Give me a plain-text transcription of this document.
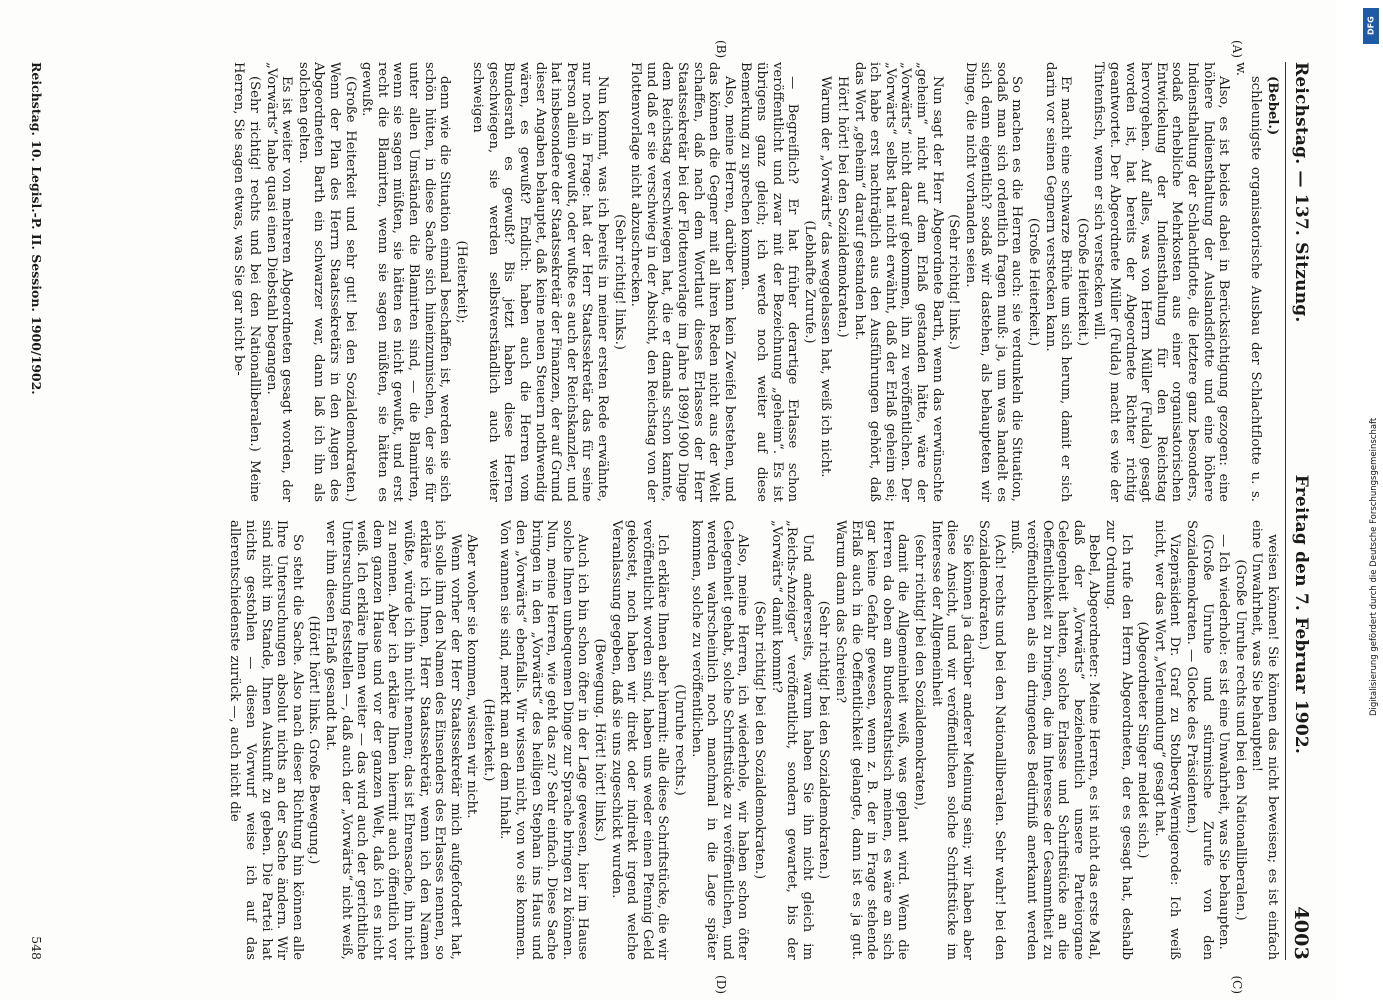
Reichstag. — 137. Sitzung.
Freitag den 7. Februar 1902.
4003
(A)
(B)
(C)
(D)

(Bebel.)

schleunigste organisatorische Ausbau der Schlachtflotte u. s. w.

Also, es ist beides dabei in Berücksichtigung gezogen: eine höhere Indiensthaltung der Auslandsflotte und eine höhere Indiensthaltung der Schlachtflotte, die letztere ganz besonders, sodaß erhebliche Mehrkosten aus einer organisatorischen Entwickelung der Indiensthaltung für den Reichstag hervorgehen. Auf alles, was von Herrn Müller (Fulda) gesagt worden ist, hat bereits der Abgeordnete Richter richtig geantwortet. Der Abgeordnete Müller (Fulda) macht es wie der Tintenfisch, wenn er sich verstecken will.

(Große Heiterkeit.)

Er macht eine schwarze Brühe um sich herum, damit er sich darin vor seinen Gegnern verstecken kann.

(Große Heiterkeit.)

So machen es die Herren auch: sie verdunkeln die Situation, sodaß man sich ordentlich fragen muß: ja, um was handelt es sich denn eigentlich? sodaß wir dastehen, als behaupteten wir Dinge, die nicht vorhanden seien.

(Sehr richtig! links.)

Nun sagt der Herr Abgeordnete Barth, wenn das verwünschte „geheim“ nicht auf dem Erlaß gestanden hätte, wäre der „Vorwärts“ nicht darauf gekommen, ihn zu veröffentlichen. Der „Vorwärts“ selbst hat nicht erwähnt, daß der Erlaß geheim sei; ich habe erst nachträglich aus den Ausführungen gehört, daß das Wort „geheim“ darauf gestanden hat.

Hört! hört! bei den Sozialdemokraten.)

Warum der „Vorwärts“ das weggelassen hat, weiß ich nicht.

(Lebhafte Zurufe.)

— Begreiflich? Er hat früher derartige Erlasse schon veröffentlicht und zwar mit der Bezeichnung „geheim“. Es ist übrigens ganz gleich; ich werde noch weiter auf diese Bemerkung zu sprechen kommen.

Also, meine Herren, darüber kann kein Zweifel bestehen, und das können die Gegner mit all ihren Reden nicht aus der Welt schaffen, daß nach dem Wortlaut dieses Erlasses der Herr Staatssekretär bei der Flottenvorlage im Jahre 1899/1900 Dinge dem Reichstag verschwiegen hat, die er damals schon kannte, und daß er sie verschwieg in der Absicht, den Reichstag von der Flottenvorlage nicht abzuschrecken.

(Sehr richtig! links.)

Nun kommt, was ich bereits in meiner ersten Rede erwähnte, nur noch in Frage: hat der Herr Staatssekretär das für seine Person allein gewußt, oder wußte es auch der Reichskanzler, und hat insbesondere der Staatssekretär der Finanzen, der auf Grund dieser Angaben behauptet, daß keine neuen Steuern nothwendig wären, es gewußt? Endlich: haben auch die Herren vom Bundesrath es gewußt? Bis jetzt haben diese Herren geschwiegen, sie werden selbstverständlich auch weiter schweigen

(Heiterkeit);

denn wie die Situation einmal beschaffen ist, werden sie sich schön hüten, in diese Sache sich hineinzumischen, der sie für unter allen Umständen die Blamirten sind, — die Blamirten, wenn sie sagen müßten, sie hätten es nicht gewußt, und erst recht die Blamirten, wenn sie sagen müßten, sie hätten es gewußt.

(Große Heiterkeit und sehr gut! bei den Sozialdemokraten.) Wenn der Plan des Herrn Staatssekretärs in den Augen des Abgeordneten Barth ein schwarzer war, dann laß ich ihn als solchen gelten.

Es ist weiter von mehreren Abgeordneten gesagt worden, der „Vorwärts“ habe quasi einen Diebstahl begangen.

(Sehr richtig! rechts und bei den Nationalliberalen.) Meine Herren, Sie sagen etwas, was Sie gar nicht be-

weisen können! Sie können das nicht beweisen; es ist einfach eine Unwahrheit, was Sie behaupten!

(Große Unruhe rechts und bei den Nationalliberalen.)

— Ich wiederhole: es ist eine Unwahrheit, was Sie behaupten.

(Große Unruhe und stürmische Zurufe von den Sozialdemokraten. — Glocke des Präsidenten.)

Vizepräsident Dr. Graf zu Stolberg-Wernigerode: Ich weiß nicht, wer das Wort „Verleumdung“ gesagt hat.

(Abgeordneter Singer meldet sich.)

Ich rufe den Herrn Abgeordneten, der es gesagt hat, deshalb zur Ordnung.

Bebel, Abgeordneter: Meine Herren, es ist nicht das erste Mal, daß der „Vorwärts“ beziehentlich unsere Parteiorgane Gelegenheit hatten, solche Erlasse und Schriftstücke an die Oeffentlichkeit zu bringen, die im Interesse der Gesammtheit zu veröffentlichen als ein dringendes Bedürfniß anerkannt werden muß.

(Ach! rechts und bei den Nationalliberalen. Sehr wahr! bei den Sozialdemokraten.)

Sie können ja darüber anderer Meinung sein; wir haben aber diese Ansicht, und wir veröffentlichen solche Schriftstücke im Interesse der Allgemeinheit

(sehr richtig! bei den Sozialdemokraten),

damit die Allgemeinheit weiß, was geplant wird. Wenn die Herren da oben am Bundesrathstisch meinen, es wäre an sich gar keine Gefahr gewesen, wenn z. B. der in Frage stehende Erlaß auch in die Oeffentlichkeit gelangte, dann ist es ja gut. Warum dann das Schreien?

(Sehr richtig! bei den Sozialdemokraten.)

Und andererseits, warum haben Sie ihn nicht gleich im „Reichs-Anzeiger“ veröffentlicht, sondern gewartet, bis der „Vorwärts“ damit kommt?

(Sehr richtig! bei den Sozialdemokraten.)

Also, meine Herren, ich wiederhole, wir haben schon öfter Gelegenheit gehabt, solche Schriftstücke zu veröffentlichen, und werden wahrscheinlich noch manchmal in die Lage später kommen, solche zu veröffentlichen.

(Unruhe rechts.)

Ich erkläre Ihnen aber hiermit: alle diese Schriftstücke, die wir veröffentlicht worden sind, haben uns weder einen Pfennig Geld gekostet, noch haben wir direkt oder indirekt irgend welche Veranlassung gegeben, daß sie uns zugeschickt wurden.

(Bewegung. Hört! hört! links.)

Auch ich bin schon öfter in der Lage gewesen, hier im Hause solche Ihnen unbequemen Dinge zur Sprache bringen zu können. Nun, meine Herren, wie geht das zu? Sehr einfach. Diese Sache bringen in den „Vorwärts“ des heiligen Stephan ins Haus und den „Vorwärts“ ebenfalls. Wir wissen nicht, von wo sie kommen. Von wannen sie sind, merkt man an dem Inhalt.

(Heiterkeit.)

Aber woher sie kommen, wissen wir nicht.

Wenn vorher der Herr Staatssekretär mich aufgefordert hat, ich solle ihm den Namen des Einsenders des Erlasses nennen, so erkläre ich Ihnen, Herr Staatssekretär, wenn ich den Namen wüßte, würde ich ihn nicht nennen; das ist Ehrensache, ihn nicht zu nennen. Aber ich erkläre Ihnen hiermit auch öffentlich vor dem ganzen Hause und vor der ganzen Welt, daß ich es nicht weiß. Ich erkläre Ihnen weiter — das wird auch der gerichtliche Untersuchung feststellen —, daß auch der „Vorwärts“ nicht weiß, wer ihm diesen Erlaß gesandt hat.

(Hört! hört! links. Große Bewegung.)

So steht die Sache. Also nach dieser Richtung hin können alle Ihre Untersuchungen absolut nichts an der Sache ändern. Wir sind nicht im Stande, Ihnen Auskunft zu geben. Die Partei hat nichts gestohlen — diesen Vorwurf weise ich auf das allerentschiedenste zurück —, auch nicht die

Reichstag. 10. Legisl.-P. II. Session. 1900/1902.
548
DFG
Digitalisierung gefördert durch die Deutsche Forschungsgemeinschaft
